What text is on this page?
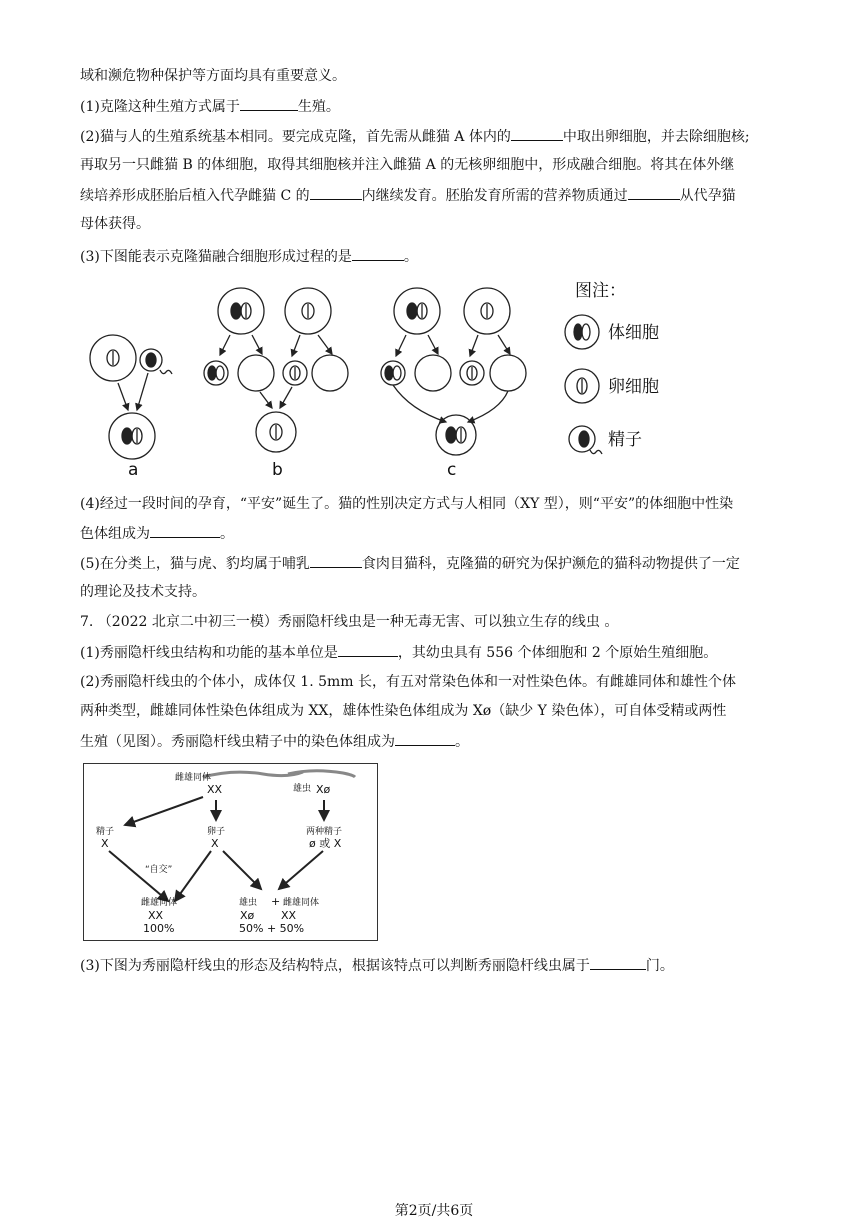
域和濒危物种保护等方面均具有重要意义。
(1)克隆这种生殖方式属于	生殖。
(2)猫与人的生殖系统基本相同。要完成克隆，首先需从雌猫 A 体内的	中取出卵细胞，并去除细胞核;
再取另一只雌猫 B 的体细胞，取得其细胞核并注入雌猫 A 的无核卵细胞中，形成融合细胞。将其在体外继
续培养形成胚胎后植入代孕雌猫 C 的	内继续发育。胚胎发育所需的营养物质通过	从代孕猫
母体获得。
(3)下图能表示克隆猫融合细胞形成过程的是	。
a	b	c
图注：
体细胞
卵细胞
精子
(4)经过一段时间的孕育，“平安”诞生了。猫的性别决定方式与人相同（XY 型），则“平安”的体细胞中性染
色体组成为	。
(5)在分类上，猫与虎、豹均属于哺乳	食肉目猫科，克隆猫的研究为保护濒危的猫科动物提供了一定
的理论及技术支持。
7. （2022 北京二中初三一模）秀丽隐杆线虫是一种无毒无害、可以独立生存的线虫 。
(1)秀丽隐杆线虫结构和功能的基本单位是	，其幼虫具有 556 个体细胞和 2 个原始生殖细胞。
(2)秀丽隐杆线虫的个体小，成体仅 1. 5mm 长，有五对常染色体和一对性染色体。有雌雄同体和雄性个体
两种类型，雌雄同体性染色体组成为 XX，雄体性染色体组成为 Xø（缺少 Y 染色体），可自体受精或两性
生殖（见图）。秀丽隐杆线虫精子中的染色体组成为	。
雌雄同体
雄虫
精子	卵子	两种精子
“自交”
雌雄同体	雄虫	雌雄同体
XX	Xø
X	X	ø 或 X
XX
100%
+
Xø XX
50% + 50%
(3)下图为秀丽隐杆线虫的形态及结构特点，根据该特点可以判断秀丽隐杆线虫属于	门。
第2页/共6页
